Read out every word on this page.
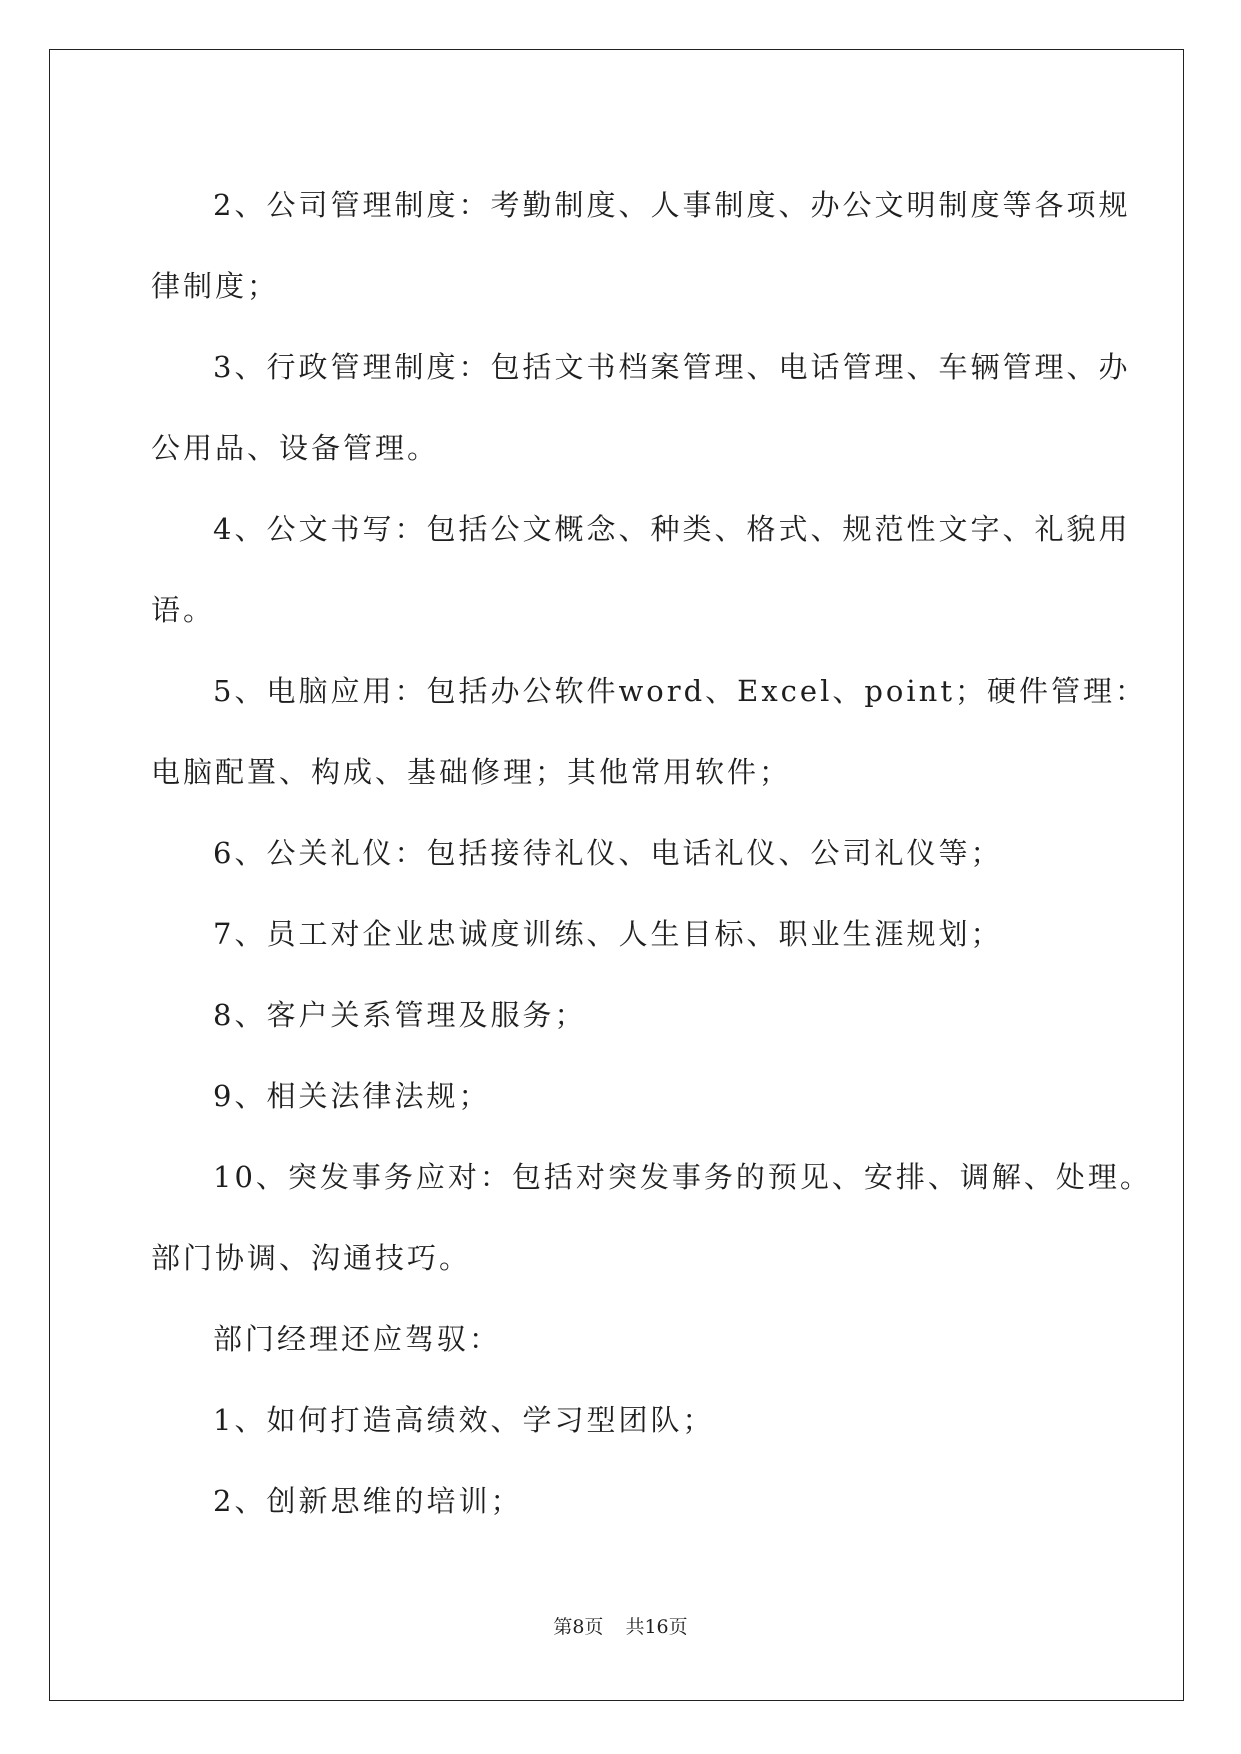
2、公司管理制度：考勤制度、人事制度、办公文明制度等各项规
律制度；
3、行政管理制度：包括文书档案管理、电话管理、车辆管理、办
公用品、设备管理。
4、公文书写：包括公文概念、种类、格式、规范性文字、礼貌用
语。
5、电脑应用：包括办公软件word、Excel、point；硬件管理：
电脑配置、构成、基础修理；其他常用软件；
6、公关礼仪：包括接待礼仪、电话礼仪、公司礼仪等；
7、员工对企业忠诚度训练、人生目标、职业生涯规划；
8、客户关系管理及服务；
9、相关法律法规；
10、突发事务应对：包括对突发事务的预见、安排、调解、处理。
部门协调、沟通技巧。
部门经理还应驾驭：
1、如何打造高绩效、学习型团队；
2、创新思维的培训；
第8页 共16页
